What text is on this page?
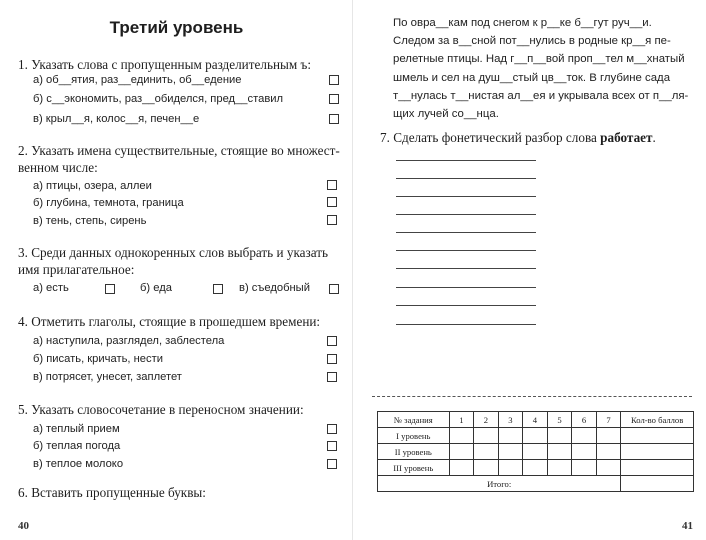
Третий уровень
1. Указать слова с пропущенным разделительным ъ:
а) об__ятия, раз__единить, об__едение
б) с__экономить, раз__обиделся, пред__ставил
в) крыл__я, колос__я, печен__е
2. Указать имена существительные, стоящие во множест-
венном числе:
а) птицы, озера, аллеи
б) глубина, темнота, граница
в) тень, степь, сирень
3. Среди данных однокоренных слов выбрать и указать
имя прилагательное:
а) есть	б) еда	в) съедобный
4. Отметить глаголы, стоящие в прошедшем времени:
а) наступила, разглядел, заблестела
б) писать, кричать, нести
в) потрясет, унесет, заплетет
5. Указать словосочетание в переносном значении:
а) теплый прием
б) теплая погода
в) теплое молоко
6. Вставить пропущенные буквы:
40
По овра__кам под снегом к р__ке б__гут руч__и.
Следом за в__сной пот__нулись в родные кр__я пе-
релетные птицы. Над г__п__вой проп__тел м__хнатый
шмель и сел на душ__стый цв__ток. В глубине сада
т__нулась т__нистая ал__ея и укрывала всех от п__ля-
щих лучей со__нца.
7. Сделать фонетический разбор слова работает.
№ задания	1	2	3	4	5	6	7	Кол-во баллов
I уровень								
II уровень								
III уровень								
Итого:								
41
